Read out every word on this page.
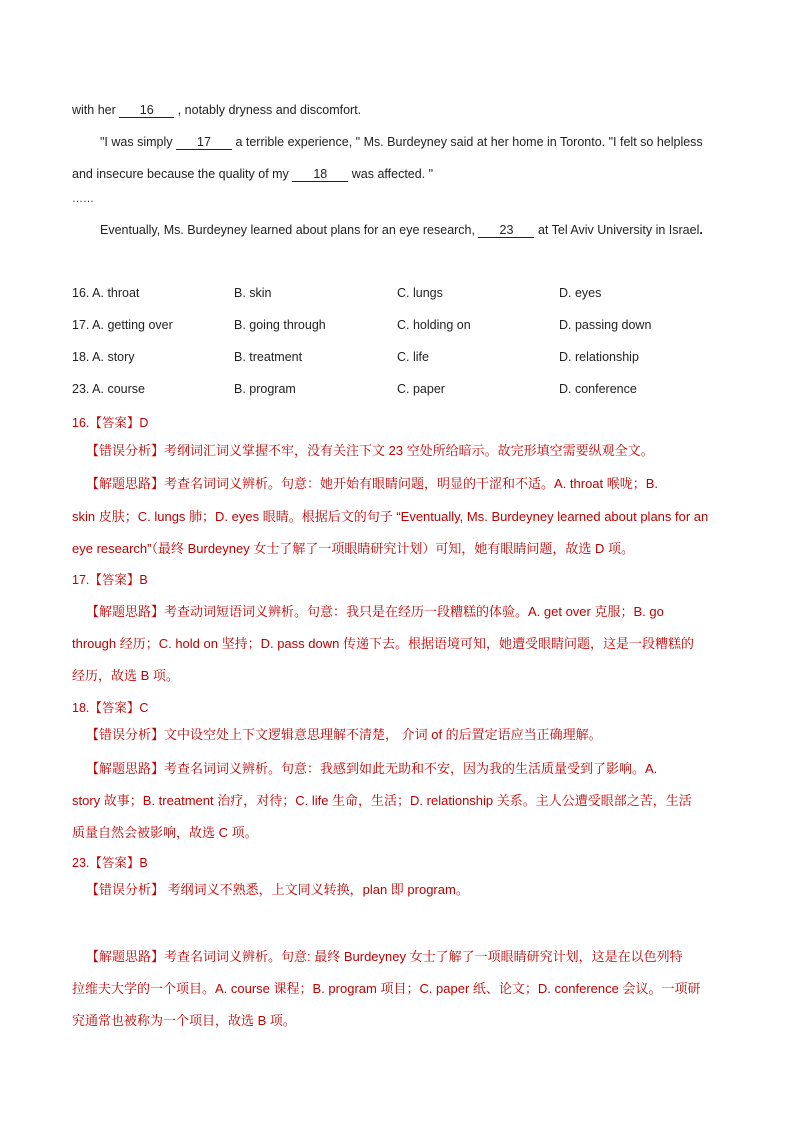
with her 16 , notably dryness and discomfort.
"I was simply 17 a terrible experience, " Ms. Burdeyney said at her home in Toronto. "I felt so helpless
and insecure because the quality of my 18 was affected. "
……
Eventually, Ms. Burdeyney learned about plans for an eye research, 23 at Tel Aviv University in Israel.
16. A. throat	B. skin	C. lungs	D. eyes
17. A. getting over	B. going through	C. holding on	D. passing down
18. A. story	B. treatment	C. life	D. relationship
23. A. course	B. program	C. paper	D. conference
16.【答案】D
【错误分析】考纲词汇词义掌握不牢，没有关注下文 23 空处所给暗示。故完形填空需要纵观全文。
【解题思路】考查名词词义辨析。句意：她开始有眼睛问题，明显的干涩和不适。A. throat 喉咙；B.
skin 皮肤；C. lungs 肺；D. eyes 眼睛。根据后文的句子 “Eventually, Ms. Burdeyney learned about plans for an
eye research”（最终 Burdeyney 女士了解了一项眼睛研究计划）可知，她有眼睛问题，故选 D 项。
17.【答案】B
【解题思路】考查动词短语词义辨析。句意：我只是在经历一段糟糕的体验。A. get over 克服；B. go
through 经历；C. hold on 坚持；D. pass down 传递下去。根据语境可知，她遭受眼睛问题，这是一段糟糕的
经历，故选 B 项。
18.【答案】C
【错误分析】文中设空处上下文逻辑意思理解不清楚， 介词 of 的后置定语应当正确理解。
【解题思路】考查名词词义辨析。句意：我感到如此无助和不安，因为我的生活质量受到了影响。A.
story 故事；B. treatment 治疗，对待；C. life 生命，生活；D. relationship 关系。主人公遭受眼部之苦，生活
质量自然会被影响，故选 C 项。
23.【答案】B
【错误分析】 考纲词义不熟悉，上文同义转换，plan 即 program。
【解题思路】考查名词词义辨析。句意: 最终 Burdeyney 女士了解了一项眼睛研究计划，这是在以色列特
拉维夫大学的一个项目。A. course 课程；B. program 项目；C. paper 纸、论文；D. conference 会议。一项研
究通常也被称为一个项目，故选 B 项。
